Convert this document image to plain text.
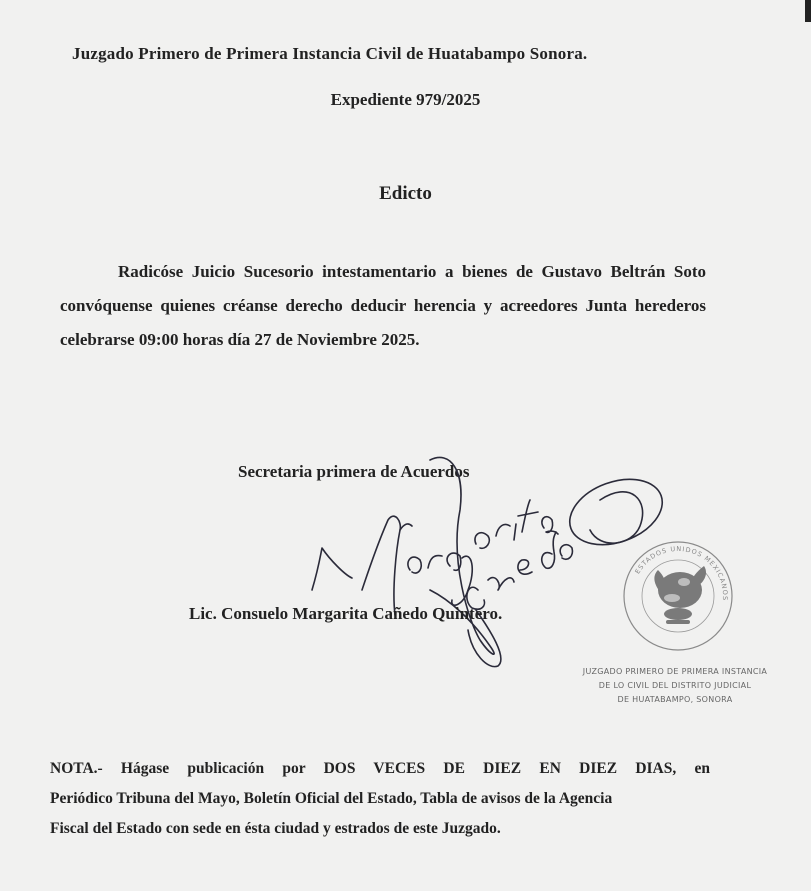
Juzgado Primero de Primera Instancia Civil de Huatabampo Sonora.
Expediente 979/2025
Edicto

Radicóse Juicio Sucesorio intestamentario a bienes de Gustavo Beltrán Soto convóquense quienes créanse derecho deducir herencia y acreedores Junta herederos celebrarse 09:00 horas día 27 de Noviembre 2025.

Secretaria primera de Acuerdos
Lic. Consuelo Margarita Cañedo Quintero.
ESTADOS UNIDOS MEXICANOS
JUZGADO PRIMERO DE PRIMERA INSTANCIA
DE LO CIVIL DEL DISTRITO JUDICIAL
DE HUATABAMPO, SONORA
NOTA.- Hágase publicación por DOS VECES DE DIEZ EN DIEZ DIAS, en
Periódico Tribuna del Mayo, Boletín Oficial del Estado, Tabla de avisos de la Agencia
Fiscal del Estado con sede en ésta ciudad y estrados de este Juzgado.
